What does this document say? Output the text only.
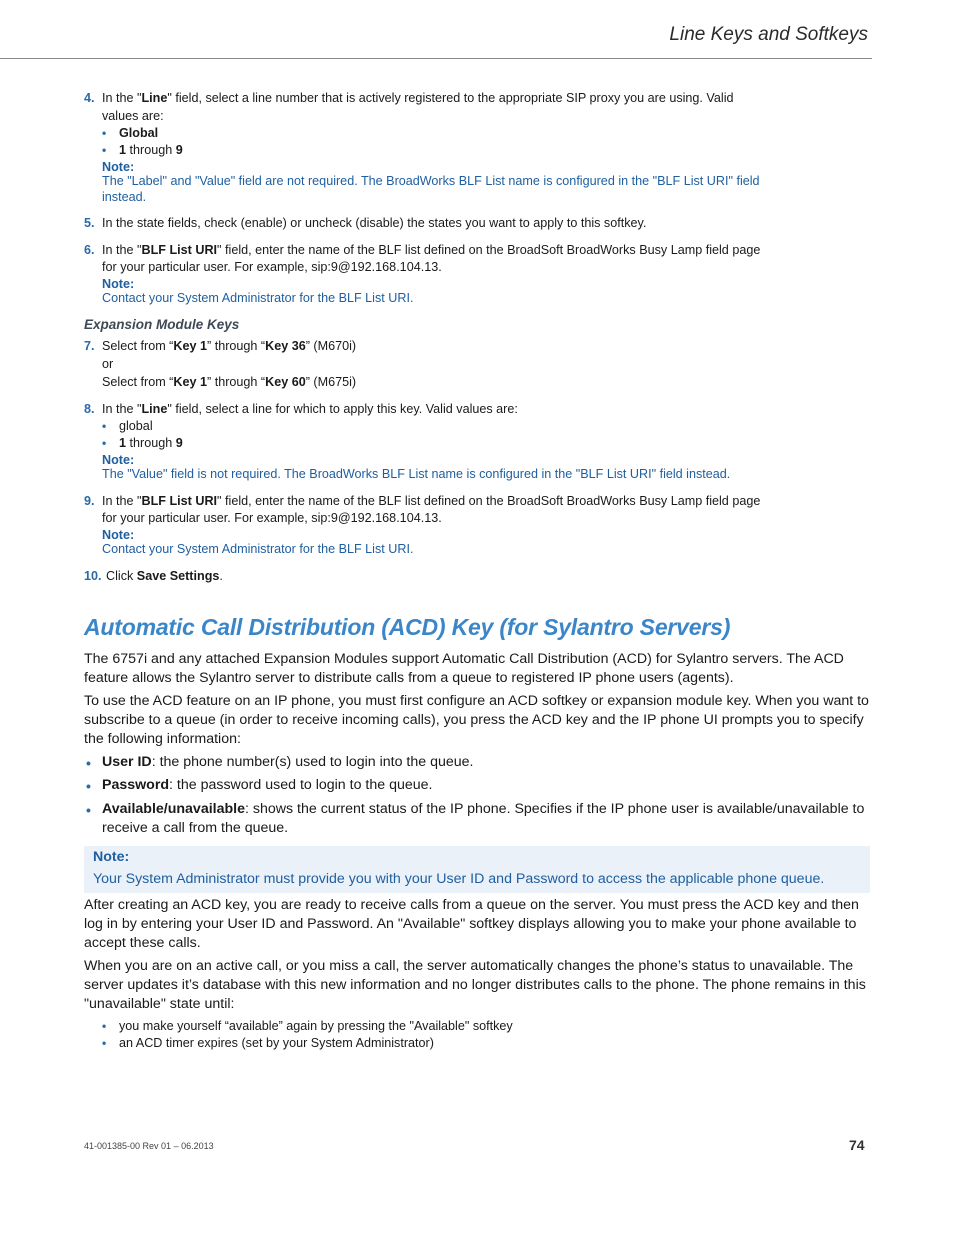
Line Keys and Softkeys
4. In the "Line" field, select a line number that is actively registered to the appropriate SIP proxy you are using. Valid
values are:
• Global
• 1 through 9
Note:
The "Label" and "Value" field are not required. The BroadWorks BLF List name is configured in the "BLF List URI" field
instead.
5. In the state fields, check (enable) or uncheck (disable) the states you want to apply to this softkey.
6. In the "BLF List URI" field, enter the name of the BLF list defined on the BroadSoft BroadWorks Busy Lamp field page
for your particular user. For example, sip:9@192.168.104.13.
Note:
Contact your System Administrator for the BLF List URI.
Expansion Module Keys
7. Select from “Key 1” through “Key 36” (M670i)
or
Select from “Key 1” through “Key 60” (M675i)
8. In the "Line" field, select a line for which to apply this key. Valid values are:
• global
• 1 through 9
Note:
The "Value" field is not required. The BroadWorks BLF List name is configured in the "BLF List URI" field instead.
9. In the "BLF List URI" field, enter the name of the BLF list defined on the BroadSoft BroadWorks Busy Lamp field page
for your particular user. For example, sip:9@192.168.104.13.
Note:
Contact your System Administrator for the BLF List URI.
10. Click Save Settings.
Automatic Call Distribution (ACD) Key (for Sylantro Servers)
The 6757i and any attached Expansion Modules support Automatic Call Distribution (ACD) for Sylantro servers. The ACD feature allows the Sylantro server to distribute calls from a queue to registered IP phone users (agents).
To use the ACD feature on an IP phone, you must first configure an ACD softkey or expansion module key. When you want to subscribe to a queue (in order to receive incoming calls), you press the ACD key and the IP phone UI prompts you to specify the following information:
• User ID: the phone number(s) used to login into the queue.
• Password: the password used to login to the queue.
• Available/unavailable: shows the current status of the IP phone. Specifies if the IP phone user is available/unavailable to receive a call from the queue.
Note:
Your System Administrator must provide you with your User ID and Password to access the applicable phone queue.
After creating an ACD key, you are ready to receive calls from a queue on the server. You must press the ACD key and then log in by entering your User ID and Password. An "Available" softkey displays allowing you to make your phone available to accept these calls.
When you are on an active call, or you miss a call, the server automatically changes the phone’s status to unavailable. The server updates it’s database with this new information and no longer distributes calls to the phone. The phone remains in this "unavailable" state until:
• you make yourself “available” again by pressing the "Available" softkey
• an ACD timer expires (set by your System Administrator)
41-001385-00 Rev 01 – 06.2013	74
